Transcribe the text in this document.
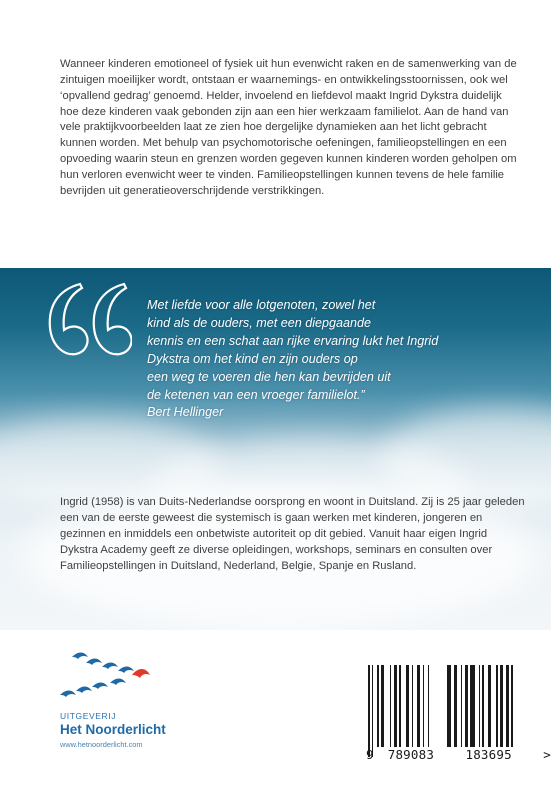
Wanneer kinderen emotioneel of fysiek uit hun evenwicht raken en de samenwerking van de zintuigen moeilijker wordt, ontstaan er waarnemings- en ontwikkelingsstoornissen, ook wel ‘opvallend gedrag’ genoemd. Helder, invoelend en liefdevol maakt Ingrid Dykstra duidelijk hoe deze kinderen vaak gebonden zijn aan een hier werkzaam familielot. Aan de hand van vele praktijkvoorbeelden laat ze zien hoe dergelijke dynamieken aan het licht gebracht kunnen worden. Met behulp van psychomotorische oefeningen, familieopstellingen en een opvoeding waarin steun en grenzen worden gegeven kunnen kinderen worden geholpen om hun verloren evenwicht weer te vinden. Familieopstellingen kunnen tevens de hele familie bevrijden uit generatieoverschrijdende verstrikkingen.

Met liefde voor alle lotgenoten, zowel het
kind als de ouders, met een diepgaande
kennis en een schat aan rijke ervaring lukt het Ingrid
Dykstra om het kind en zijn ouders op
een weg te voeren die hen kan bevrijden uit
de ketenen van een vroeger familielot.”
Bert Hellinger

Ingrid (1958) is van Duits-Nederlandse oorsprong en woont in Duitsland. Zij is 25 jaar geleden een van de eerste geweest die systemisch is gaan werken met kinderen, jongeren en gezinnen en inmiddels een onbetwiste autoriteit op dit gebied. Vanuit haar eigen Ingrid Dykstra Academy geeft ze diverse opleidingen, workshops, seminars en consulten over Familieopstellingen in Duitsland, Nederland, Belgie, Spanje en Rusland.

UITGEVERIJ
Het Noorderlicht
www.hetnoorderlicht.com
9 789083	183695	>
